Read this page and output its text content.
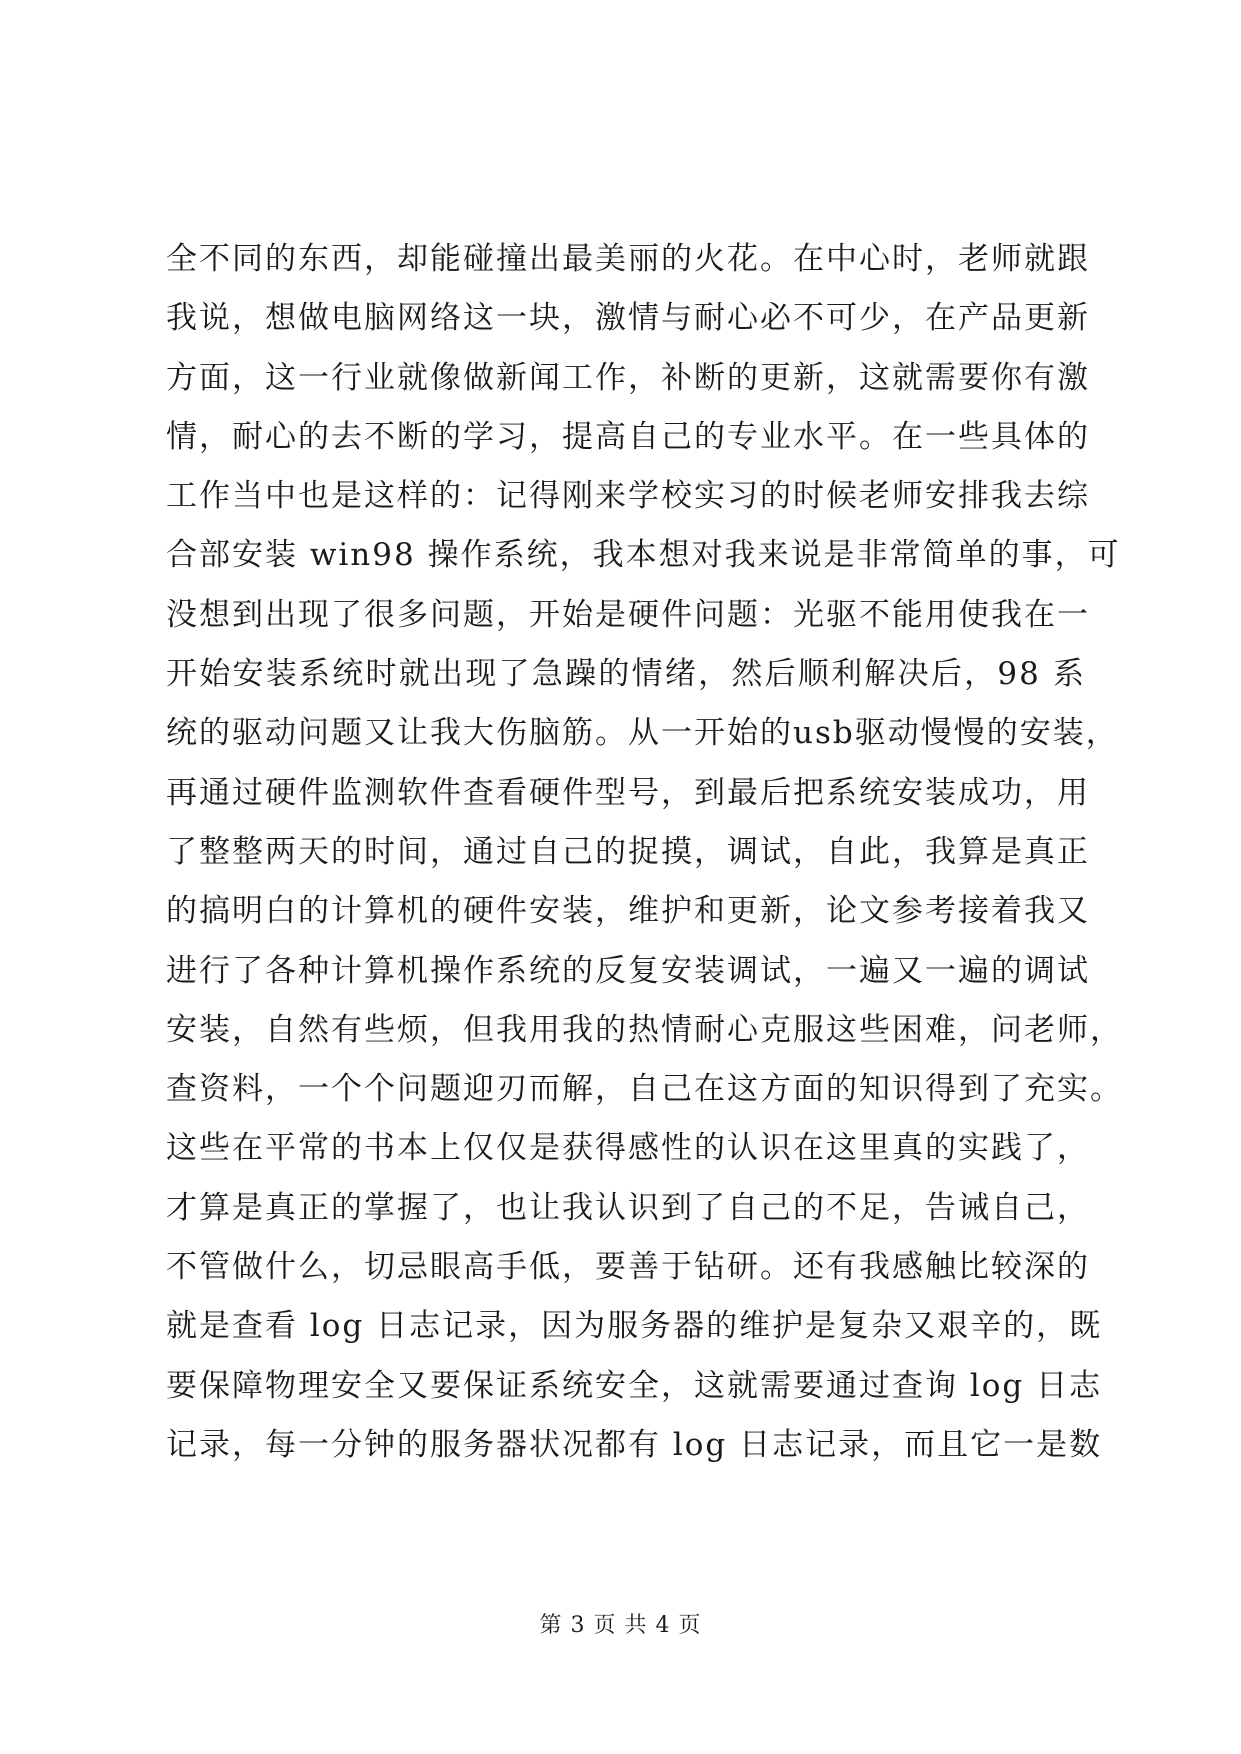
全不同的东西，却能碰撞出最美丽的火花。在中心时，老师就跟
我说，想做电脑网络这一块，激情与耐心必不可少，在产品更新
方面，这一行业就像做新闻工作，补断的更新，这就需要你有激
情，耐心的去不断的学习，提高自己的专业水平。在一些具体的
工作当中也是这样的：记得刚来学校实习的时候老师安排我去综
合部安装 win98 操作系统，我本想对我来说是非常简单的事，可
没想到出现了很多问题，开始是硬件问题：光驱不能用使我在一
开始安装系统时就出现了急躁的情绪，然后顺利解决后，98 系
统的驱动问题又让我大伤脑筋。从一开始的usb驱动慢慢的安装，
再通过硬件监测软件查看硬件型号，到最后把系统安装成功，用
了整整两天的时间，通过自己的捉摸，调试，自此，我算是真正
的搞明白的计算机的硬件安装，维护和更新，论文参考接着我又
进行了各种计算机操作系统的反复安装调试，一遍又一遍的调试
安装，自然有些烦，但我用我的热情耐心克服这些困难，问老师，
查资料，一个个问题迎刃而解，自己在这方面的知识得到了充实。
这些在平常的书本上仅仅是获得感性的认识在这里真的实践了，
才算是真正的掌握了，也让我认识到了自己的不足，告诫自己，
不管做什么，切忌眼高手低，要善于钻研。还有我感触比较深的
就是查看 log 日志记录，因为服务器的维护是复杂又艰辛的，既
要保障物理安全又要保证系统安全，这就需要通过查询 log 日志
记录，每一分钟的服务器状况都有 log 日志记录，而且它一是数
第 3 页 共 4 页
